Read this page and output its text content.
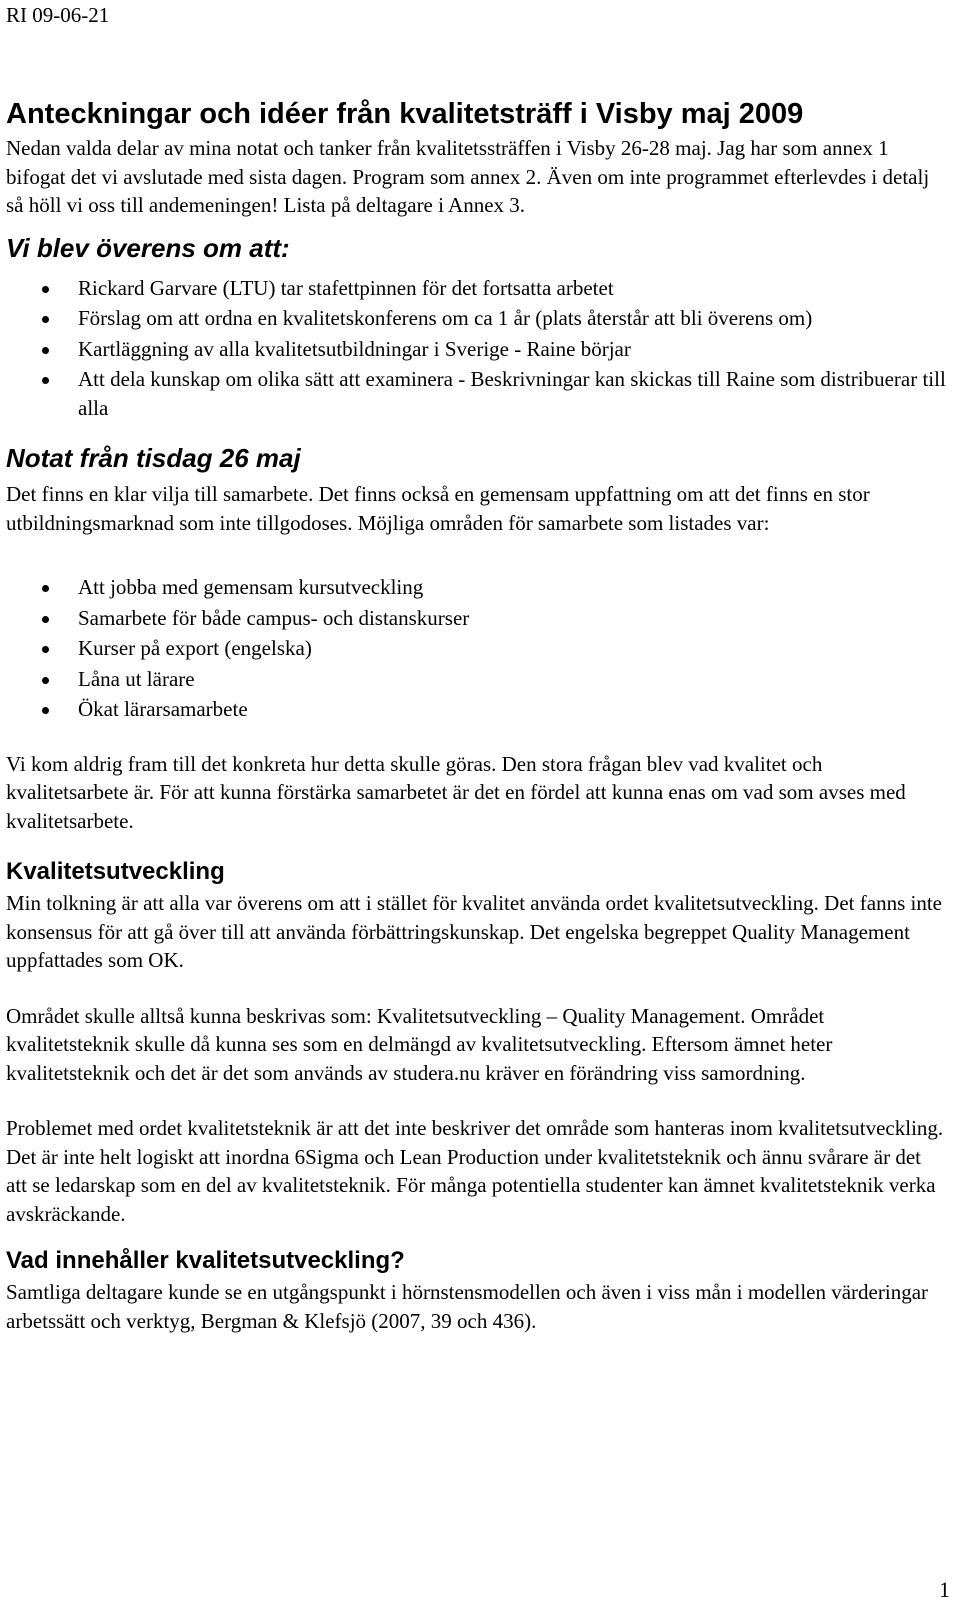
RI 09-06-21
Anteckningar och idéer från kvalitetsträff i Visby maj 2009

Nedan valda delar av mina notat och tanker från kvalitetssträffen i Visby 26-28 maj. Jag har som annex 1 bifogat det vi avslutade med sista dagen. Program som annex 2. Även om inte programmet efterlevdes i detalj så höll vi oss till andemeningen! Lista på deltagare i Annex 3.

Vi blev överens om att:
Rickard Garvare (LTU) tar stafettpinnen för det fortsatta arbetet
Förslag om att ordna en kvalitetskonferens om ca 1 år (plats återstår att bli överens om)
Kartläggning av alla kvalitetsutbildningar i Sverige - Raine börjar
Att dela kunskap om olika sätt att examinera - Beskrivningar kan skickas till Raine som distribuerar till alla
Notat från tisdag 26 maj

Det finns en klar vilja till samarbete. Det finns också en gemensam uppfattning om att det finns en stor utbildningsmarknad som inte tillgodoses. Möjliga områden för samarbete som listades var:

Att jobba med gemensam kursutveckling
Samarbete för både campus- och distanskurser
Kurser på export (engelska)
Låna ut lärare
Ökat lärarsamarbete

Vi kom aldrig fram till det konkreta hur detta skulle göras. Den stora frågan blev vad kvalitet och kvalitetsarbete är. För att kunna förstärka samarbetet är det en fördel att kunna enas om vad som avses med kvalitetsarbete.

Kvalitetsutveckling

Min tolkning är att alla var överens om att i stället för kvalitet använda ordet kvalitetsutveckling. Det fanns inte konsensus för att gå över till att använda förbättringskunskap. Det engelska begreppet Quality Management uppfattades som OK.

Området skulle alltså kunna beskrivas som: Kvalitetsutveckling – Quality Management. Området kvalitetsteknik skulle då kunna ses som en delmängd av kvalitetsutveckling. Eftersom ämnet heter kvalitetsteknik och det är det som används av studera.nu kräver en förändring viss samordning.

Problemet med ordet kvalitetsteknik är att det inte beskriver det område som hanteras inom kvalitetsutveckling. Det är inte helt logiskt att inordna 6Sigma och Lean Production under kvalitetsteknik och ännu svårare är det att se ledarskap som en del av kvalitetsteknik. För många potentiella studenter kan ämnet kvalitetsteknik verka avskräckande.

Vad innehåller kvalitetsutveckling?

Samtliga deltagare kunde se en utgångspunkt i hörnstensmodellen och även i viss mån i modellen värderingar arbetssätt och verktyg, Bergman & Klefsjö (2007, 39 och 436).

1
